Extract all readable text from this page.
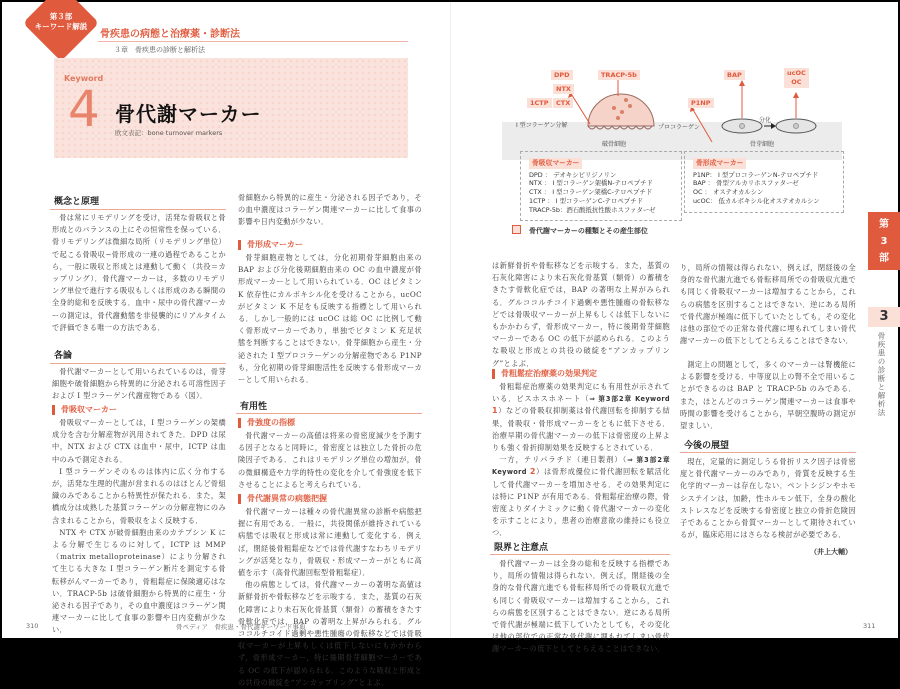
第３部
キーワード解説
骨疾患の病態と治療薬・診断法
３章　骨疾患の診断と解析法
Keyword
4 骨代謝マーカー
欧文表記：bone turnover markers
概念と原理

骨は常にリモデリングを受け，活発な骨吸収と骨形成とのバランスの上にその恒常性を保っている．骨リモデリングは微細な局所（リモデリング単位）で起こる骨吸収−骨形成の一連の過程であることから，一般に吸収と形成とは連動して動く（共役＝カップリング）．骨代謝マーカーは，多数のリモデリング単位で進行する吸収もしくは形成のある瞬間の全身的総和を反映する．血中・尿中の骨代謝マーカーの測定は，骨代謝動態を非侵襲的にリアルタイムで評価できる唯一の方法である．

各論

骨代謝マーカーとして用いられているのは，骨芽細胞や破骨細胞から特異的に分泌される可溶性因子および I 型コラーゲン代謝産物である（図）．

骨吸収マーカー

骨吸収マーカーとしては，I 型コラーゲンの架橋成分を含む分解産物が汎用されてきた．DPD は尿中，NTX および CTX は血中・尿中，ICTP は血中のみで測定される．

I 型コラーゲンそのものは体内に広く分布するが，活発な生理的代謝が営まれるのはほとんど骨組織のみであることから特異性が保たれる．また，架橋成分は成熟した基質コラーゲンの分解産物にのみ含まれることから，骨吸収をよく反映する．

NTX や CTX が破骨細胞由来のカテプシン K による分解で生じるのに対して，ICTP は MMP（matrix metalloproteinase）により分解されて生じる大きな I 型コラーゲン断片を測定する骨転移がんマーカーであり，骨粗鬆症に保険適応はない．TRACP-5b は破骨細胞から特異的に産生・分泌される因子であり，その血中濃度はコラーゲン関連マーカーに比して食事の影響や日内変動が少ない．

骨細胞から特異的に産生・分泌される因子であり，その血中濃度はコラーゲン関連マーカーに比して食事の影響や日内変動が少ない．

骨形成マーカー

骨芽細胞産物としては，分化初期骨芽細胞由来の BAP および分化後期細胞由来の OC の血中濃度が骨形成マーカーとして用いられている．OC はビタミン K 依存性にカルボキシル化を受けることから，ucOC がビタミン K 不足をも反映する指標として用いられる．しかし一般的には ucOC は総 OC に比例して動く骨形成マーカーであり，単独でビタミン K 充足状態を判断することはできない．骨芽細胞から産生・分泌された I 型プロコラーゲンの分解産物である P1NP も，分化初期の骨芽細胞活性を反映する骨形成マーカーとして用いられる．

有用性
骨強度の指標

骨代謝マーカーの高値は将来の骨密度減少を予測する因子となると同時に，骨密度とは独立した骨折の危険因子である．これはリモデリング単位の増加が，骨の微細構造や力学的特性の変化を介して骨強度を低下させることによると考えられている．

骨代謝異常の病態把握

骨代謝マーカーは種々の骨代謝異常の診断や病態把握に有用である．一般に，共役関係が維持されている病態では吸収と形成は常に連動して変化する．例えば，閉経後骨粗鬆症などでは骨代謝すなわちリモデリングが活発となり，骨吸収・形成マーカーがともに高値を示す（高骨代謝回転型骨粗鬆症）．

他の病態としては，骨代謝マーカーの著明な高値は新鮮骨折や骨転移などを示唆する．また，基質の石灰化障害により未石灰化骨基質（類骨）の蓄積をきたす骨軟化症では，BAP の著明な上昇がみられる．グルココルチコイド過剰や悪性腫瘍の骨転移などでは骨吸収マーカーが上昇もしくは低下しないにもかかわらず，骨形成マーカー，特に後期骨芽細胞マーカーである OC の低下が認められる．このような吸収と形成との共役の破綻を“アンカップリング”とよぶ．

DPD
NTX
CTX
1CTP
TRACP-5b
P1NP
BAP	ucOC
OC
I 型コラーゲン分解	プロコラーゲン
分化
破骨細胞	骨芽細胞
骨吸収マーカー
DPD ： デオキシピリジノリン
NTX ： I 型コラーゲン架橋N-テロペプチド
CTX ： I 型コラーゲン架橋C-テロペプチド
1CTP ： I 型コラーゲンC-テロペプチド
TRACP-5b：酒石酸抵抗性酸ホスファターゼ
骨形成マーカー
P1NP： I 型プロコラーゲンN-テロペプチド
BAP ： 骨型アルカリホスファターゼ
OC ： オステオカルシン
ucOC： 低カルボキシル化オステオカルシン
骨代謝マーカーの種類とその産生部位

は新鮮骨折や骨転移などを示唆する．また，基質の石灰化障害により未石灰化骨基質（類骨）の蓄積をきたす骨軟化症では，BAP の著明な上昇がみられる．グルココルチコイド過剰や悪性腫瘍の骨転移などでは骨吸収マーカーが上昇もしくは低下しないにもかかわらず，骨形成マーカー，特に後期骨芽細胞マーカーである OC の低下が認められる．このような吸収と形成との共役の破綻を“アンカップリング”とよぶ．

骨粗鬆症治療薬の効果判定

骨粗鬆症治療薬の効果判定にも有用性が示されている．ビスホスホネート（⇒ 第3部2章 Keyword 1）などの骨吸収抑制薬は骨代謝回転を抑制する結果，骨吸収・骨形成マーカーをともに低下させる．治療早期の骨代謝マーカーの低下は骨密度の上昇よりも強く骨折抑制効果を反映するとされている．

一方，テリパラチド（連日製剤）（⇒ 第3部2章 Keyword 2）は骨形成優位に骨代謝回転を賦活化して骨代謝マーカーを増加させる．その効果判定には特に P1NP が有用である．骨粗鬆症治療の際，骨密度よりダイナミックに動く骨代謝マーカーの変化を示すことにより，患者の治療意欲の維持にも役立つ．

限界と注意点

骨代謝マーカーは全身の総和を反映する指標であり，局所の情報は得られない．例えば，閉経後の全身的な骨代謝亢進でも骨転移局所での骨吸収亢進でも同じく骨吸収マーカーは増加することから，これらの病態を区別することはできない．逆にある局所で骨代謝が極端に低下していたとしても，その変化は他の部位での正常な骨代謝に埋もれてしまい骨代謝マーカーの低下としてとらえることはできない．

り，局所の情報は得られない．例えば，閉経後の全身的な骨代謝亢進でも骨転移局所での骨吸収亢進でも同じく骨吸収マーカーは増加することから，これらの病態を区別することはできない．逆にある局所で骨代謝が極端に低下していたとしても，その変化は他の部位での正常な骨代謝に埋もれてしまい骨代謝マーカーの低下としてとらえることはできない．

測定上の問題として，多くのマーカーは腎機能による影響を受ける．中等度以上の腎不全で用いることができるのは BAP と TRACP-5b のみである．また，ほとんどのコラーゲン関連マーカーは食事や時間の影響を受けることから，早朝空腹時の測定が望ましい．

今後の展望

現在，定量的に測定しうる骨折リスク因子は骨密度と骨代謝マーカーのみであり，骨質を反映する生化学的マーカーは存在しない．ペントシジンやホモシステインは，加齢，性ホルモン低下，全身の酸化ストレスなどを反映する骨密度と独立の骨折危険因子であることから骨質マーカーとして期待されているが，臨床応用にはさらなる検討が必要である．

（井上大輔）
第
3
部
3
骨疾患の診断と解析法
310	骨ペディア　骨疾患・骨代謝キーワード事典	311
